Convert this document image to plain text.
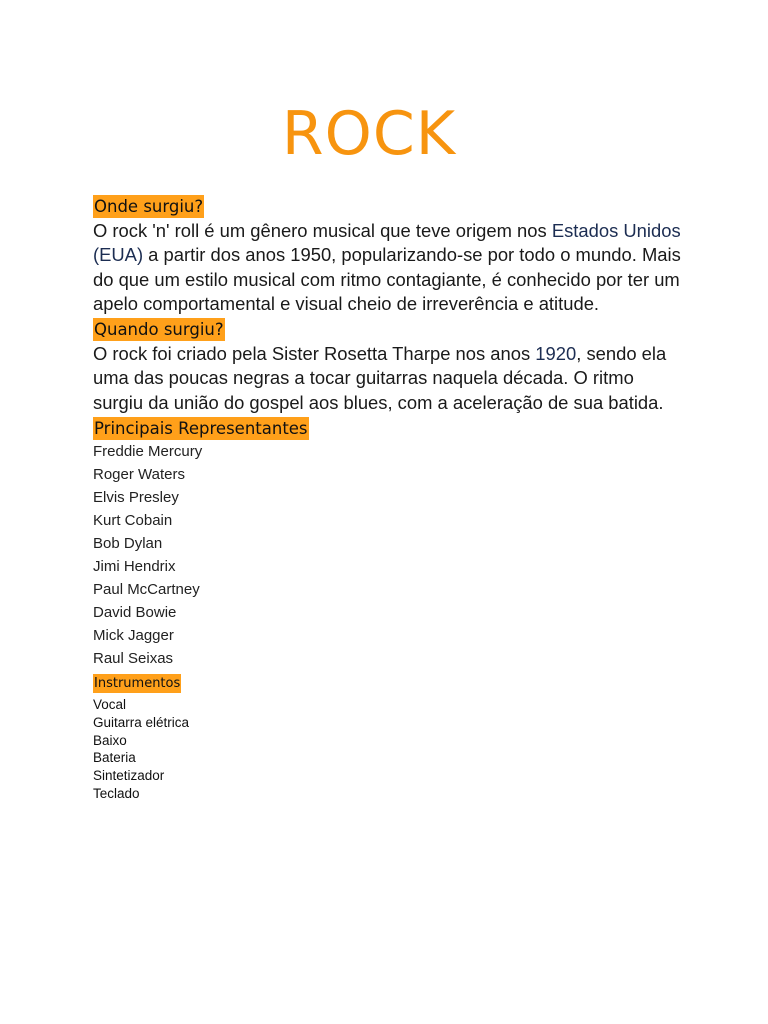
ROCK
Onde surgiu?

O rock 'n' roll é um gênero musical que teve origem nos Estados Unidos (EUA) a partir dos anos 1950, popularizando-se por todo o mundo. Mais do que um estilo musical com ritmo contagiante, é conhecido por ter um apelo comportamental e visual cheio de irreverência e atitude.

Quando surgiu?

O rock foi criado pela Sister Rosetta Tharpe nos anos 1920, sendo ela uma das poucas negras a tocar guitarras naquela década. O ritmo surgiu da união do gospel aos blues, com a aceleração de sua batida.

Principais Representantes
Freddie Mercury
Roger Waters
Elvis Presley
Kurt Cobain
Bob Dylan
Jimi Hendrix
Paul McCartney
David Bowie
Mick Jagger
Raul Seixas
Instrumentos
Vocal
Guitarra elétrica
Baixo
Bateria
Sintetizador
Teclado
